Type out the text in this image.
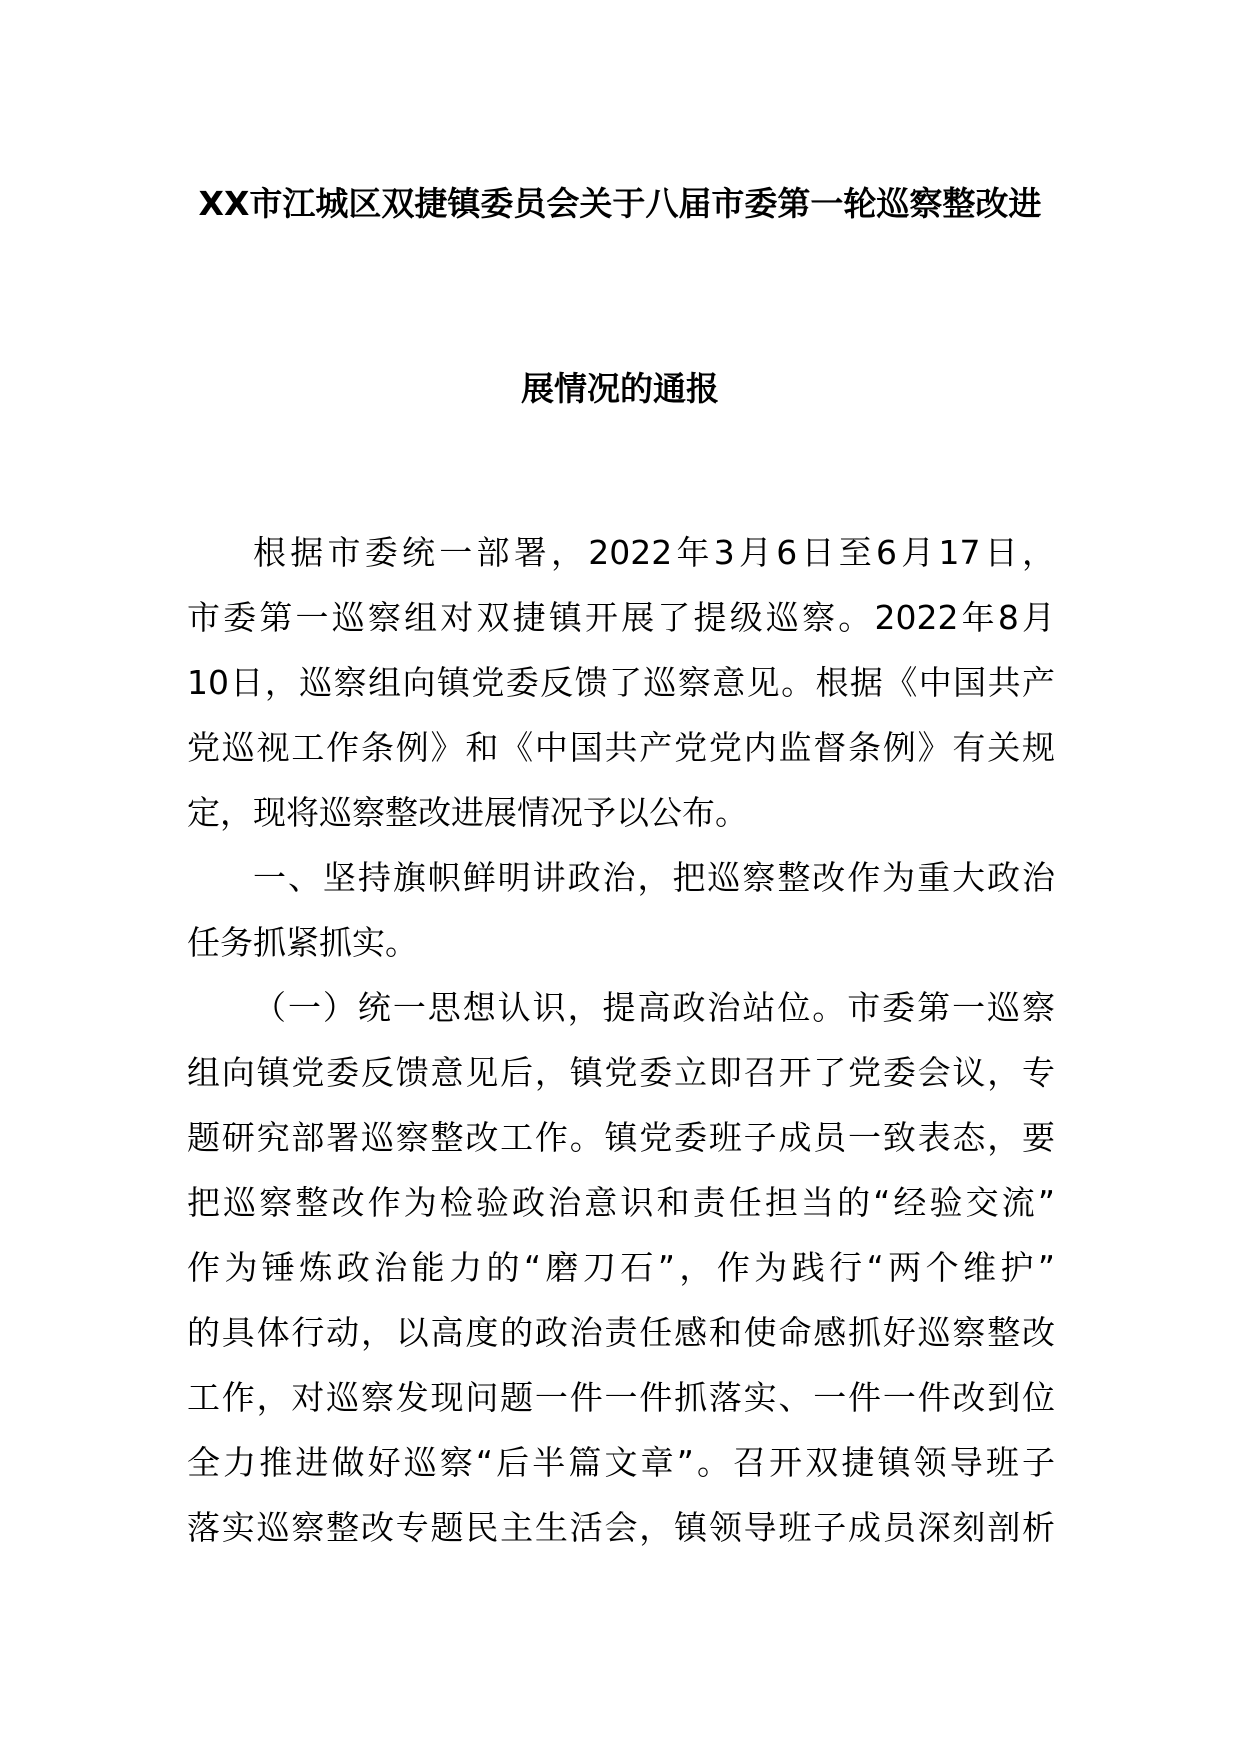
XX市江城区双捷镇委员会关于八届市委第一轮巡察整改进
展情况的通报
根据市委统一部署，2022年3月6日至6月17日，
市委第一巡察组对双捷镇开展了提级巡察。2022年8月
10日，巡察组向镇党委反馈了巡察意见。根据《中国共产
党巡视工作条例》和《中国共产党党内监督条例》有关规
定，现将巡察整改进展情况予以公布。
一、坚持旗帜鲜明讲政治，把巡察整改作为重大政治
任务抓紧抓实。
（一）统一思想认识，提高政治站位。市委第一巡察
组向镇党委反馈意见后，镇党委立即召开了党委会议，专
题研究部署巡察整改工作。镇党委班子成员一致表态，要
把巡察整改作为检验政治意识和责任担当的“经验交流”
作为锤炼政治能力的“磨刀石”，作为践行“两个维护”
的具体行动，以高度的政治责任感和使命感抓好巡察整改
工作，对巡察发现问题一件一件抓落实、一件一件改到位
全力推进做好巡察“后半篇文章”。召开双捷镇领导班子
落实巡察整改专题民主生活会，镇领导班子成员深刻剖析
